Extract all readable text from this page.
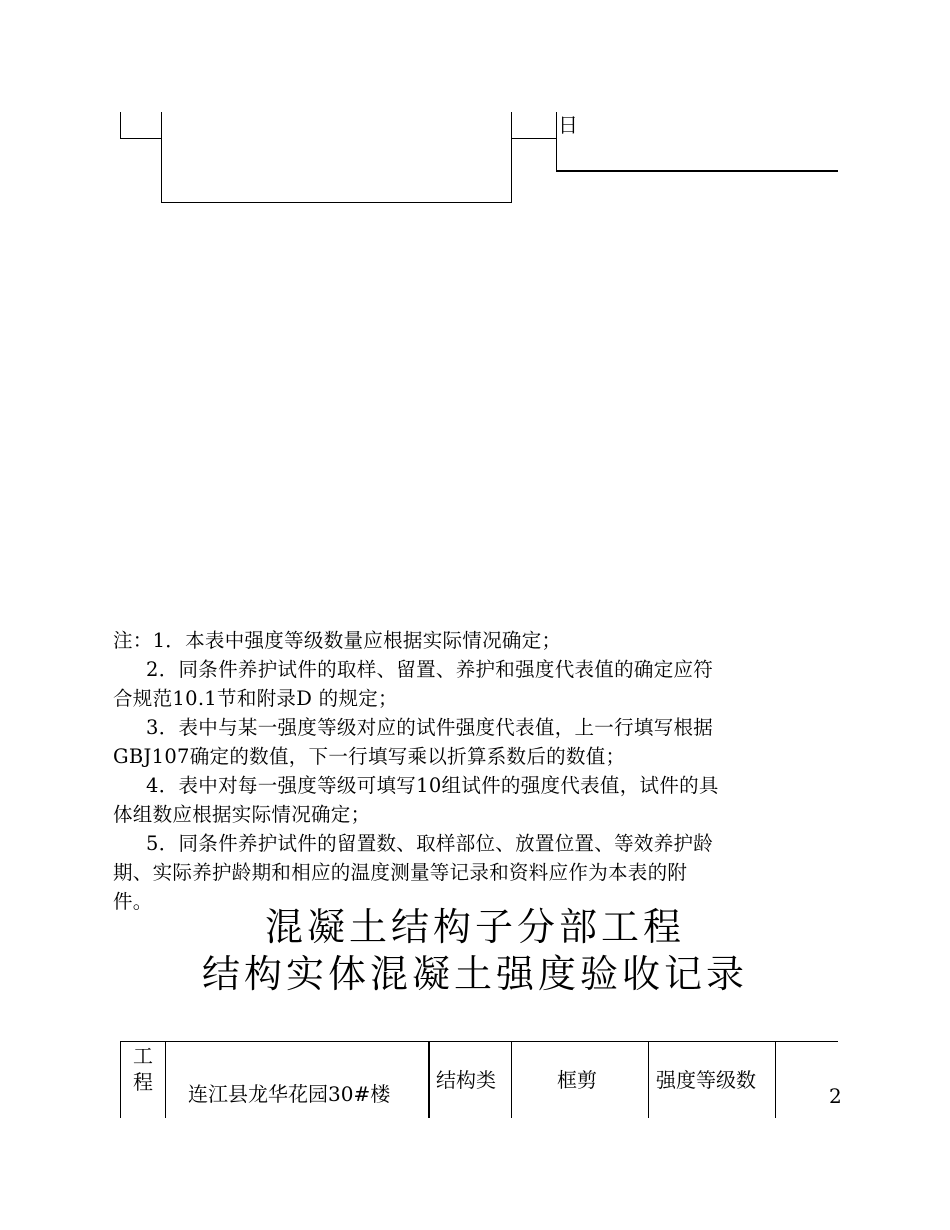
日
注：1．本表中强度等级数量应根据实际情况确定；
2．同条件养护试件的取样、留置、养护和强度代表值的确定应符
合规范10.1节和附录D 的规定；
3．表中与某一强度等级对应的试件强度代表值，上一行填写根据
GBJ107确定的数值，下一行填写乘以折算系数后的数值；
4．表中对每一强度等级可填写10组试件的强度代表值，试件的具
体组数应根据实际情况确定；
5．同条件养护试件的留置数、取样部位、放置位置、等效养护龄
期、实际养护龄期和相应的温度测量等记录和资料应作为本表的附
件。
混凝土结构子分部工程
结构实体混凝土强度验收记录
工
程 连江县龙华花园30#楼
结构类	框剪	强度等级数
2
